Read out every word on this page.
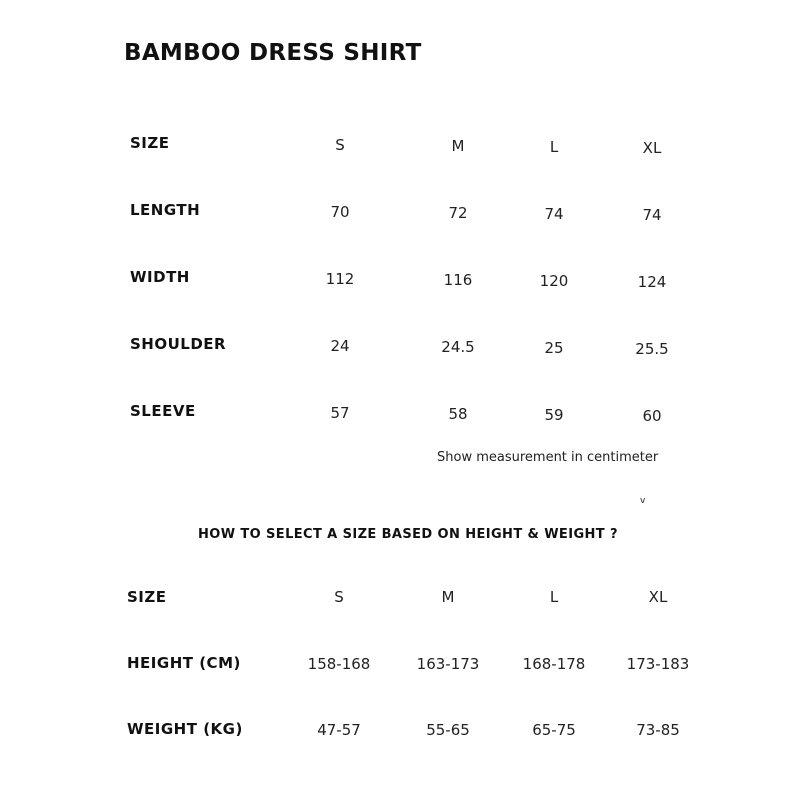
BAMBOO DRESS SHIRT
SIZE	S	M	L	XL
LENGTH	70	72	74	74
WIDTH	112	116	120	124
SHOULDER	24	24.5	25	25.5
SLEEVE	57	58	59	60
Show measurement in centimeter
v
HOW TO SELECT A SIZE BASED ON HEIGHT & WEIGHT ?
SIZE	S	M	L	XL
HEIGHT (CM)	158-168	163-173	168-178	173-183
WEIGHT (KG)	47-57	55-65	65-75	73-85
